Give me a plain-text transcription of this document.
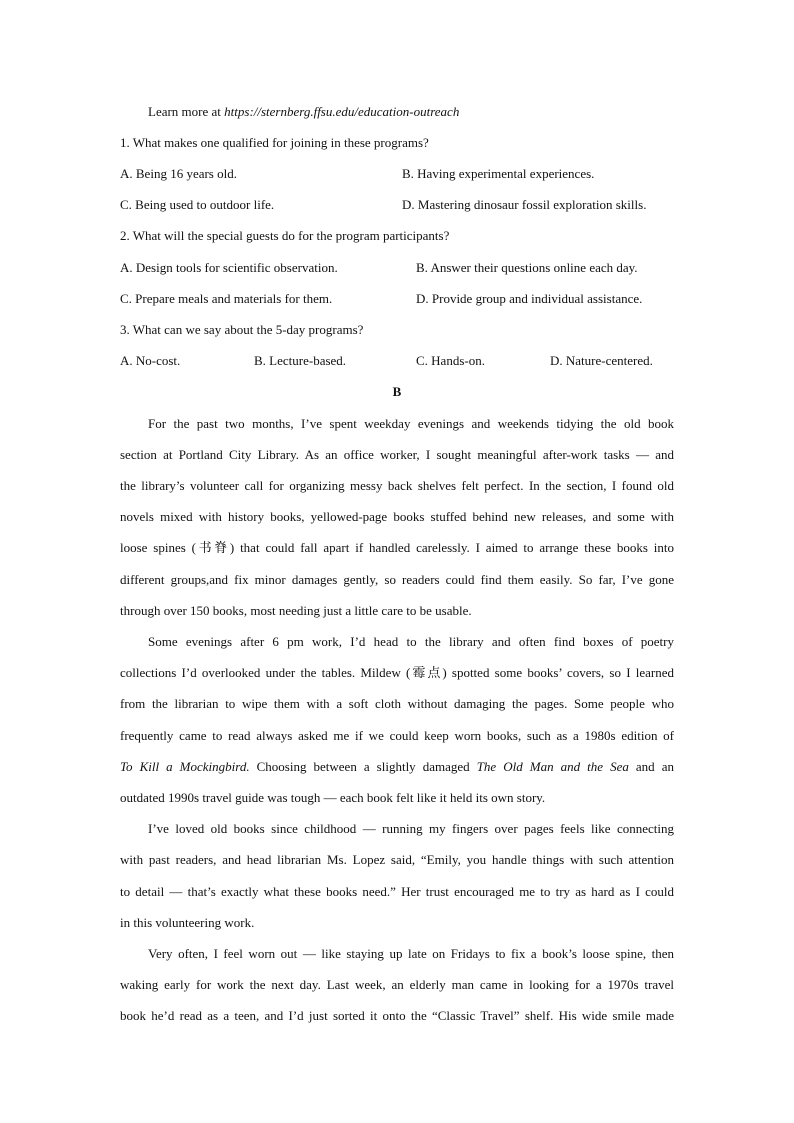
Learn more at https://sternberg.ffsu.edu/education-outreach
1. What makes one qualified for joining in these programs?
A. Being 16 years old.	B. Having experimental experiences.
C. Being used to outdoor life.	D. Mastering dinosaur fossil exploration skills.
2. What will the special guests do for the program participants?
A. Design tools for scientific observation.	B. Answer their questions online each day.
C. Prepare meals and materials for them.	D. Provide group and individual assistance.
3. What can we say about the 5-day programs?
A. No-cost.	B. Lecture-based.	C. Hands-on.	D. Nature-centered.
B
For the past two months, I’ve spent weekday evenings and weekends tidying the old book
section at Portland City Library. As an office worker, I sought meaningful after-work tasks — and
the library’s volunteer call for organizing messy back shelves felt perfect. In the section, I found old
novels mixed with history books, yellowed-page books stuffed behind new releases, and some with
loose spines (书脊) that could fall apart if handled carelessly. I aimed to arrange these books into
different groups,and fix minor damages gently, so readers could find them easily. So far, I’ve gone
through over 150 books, most needing just a little care to be usable.
Some evenings after 6 pm work, I’d head to the library and often find boxes of poetry
collections I’d overlooked under the tables. Mildew (霉点) spotted some books’ covers, so I learned
from the librarian to wipe them with a soft cloth without damaging the pages. Some people who
frequently came to read always asked me if we could keep worn books, such as a 1980s edition of
To Kill a Mockingbird. Choosing between a slightly damaged The Old Man and the Sea and an
outdated 1990s travel guide was tough — each book felt like it held its own story.
I’ve loved old books since childhood — running my fingers over pages feels like connecting
with past readers, and head librarian Ms. Lopez said, “Emily, you handle things with such attention
to detail — that’s exactly what these books need.” Her trust encouraged me to try as hard as I could
in this volunteering work.
Very often, I feel worn out — like staying up late on Fridays to fix a book’s loose spine, then
waking early for work the next day. Last week, an elderly man came in looking for a 1970s travel
book he’d read as a teen, and I’d just sorted it onto the “Classic Travel” shelf. His wide smile made
